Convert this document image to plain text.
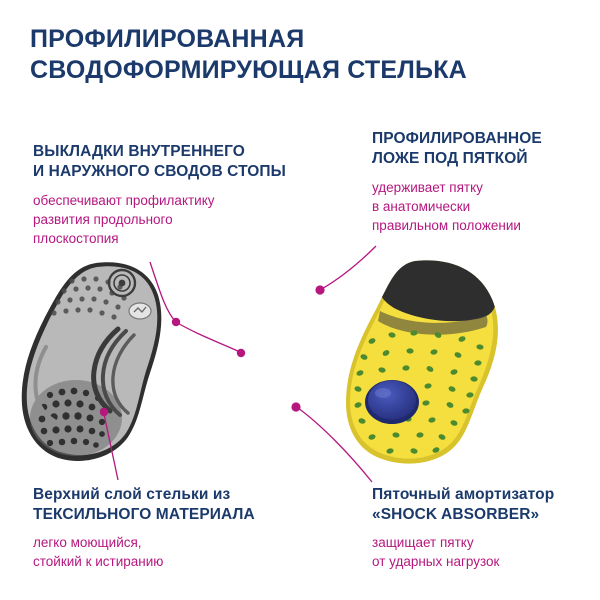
ПРОФИЛИРОВАННАЯ
СВОДОФОРМИРУЮЩАЯ СТЕЛЬКА
ВЫКЛАДКИ ВНУТРЕННЕГО
И НАРУЖНОГО СВОДОВ СТОПЫ
обеспечивают профилактику
развития продольного
плоскостопия
ПРОФИЛИРОВАННОЕ
ЛОЖЕ ПОД ПЯТКОЙ
удерживает пятку
в анатомически
правильном положении
Верхний слой стельки из
ТЕКСИЛЬНОГО МАТЕРИАЛА
легко моющийся,
стойкий к истиранию
Пяточный амортизатор
«SHOCK ABSORBER»
защищает пятку
от ударных нагрузок
